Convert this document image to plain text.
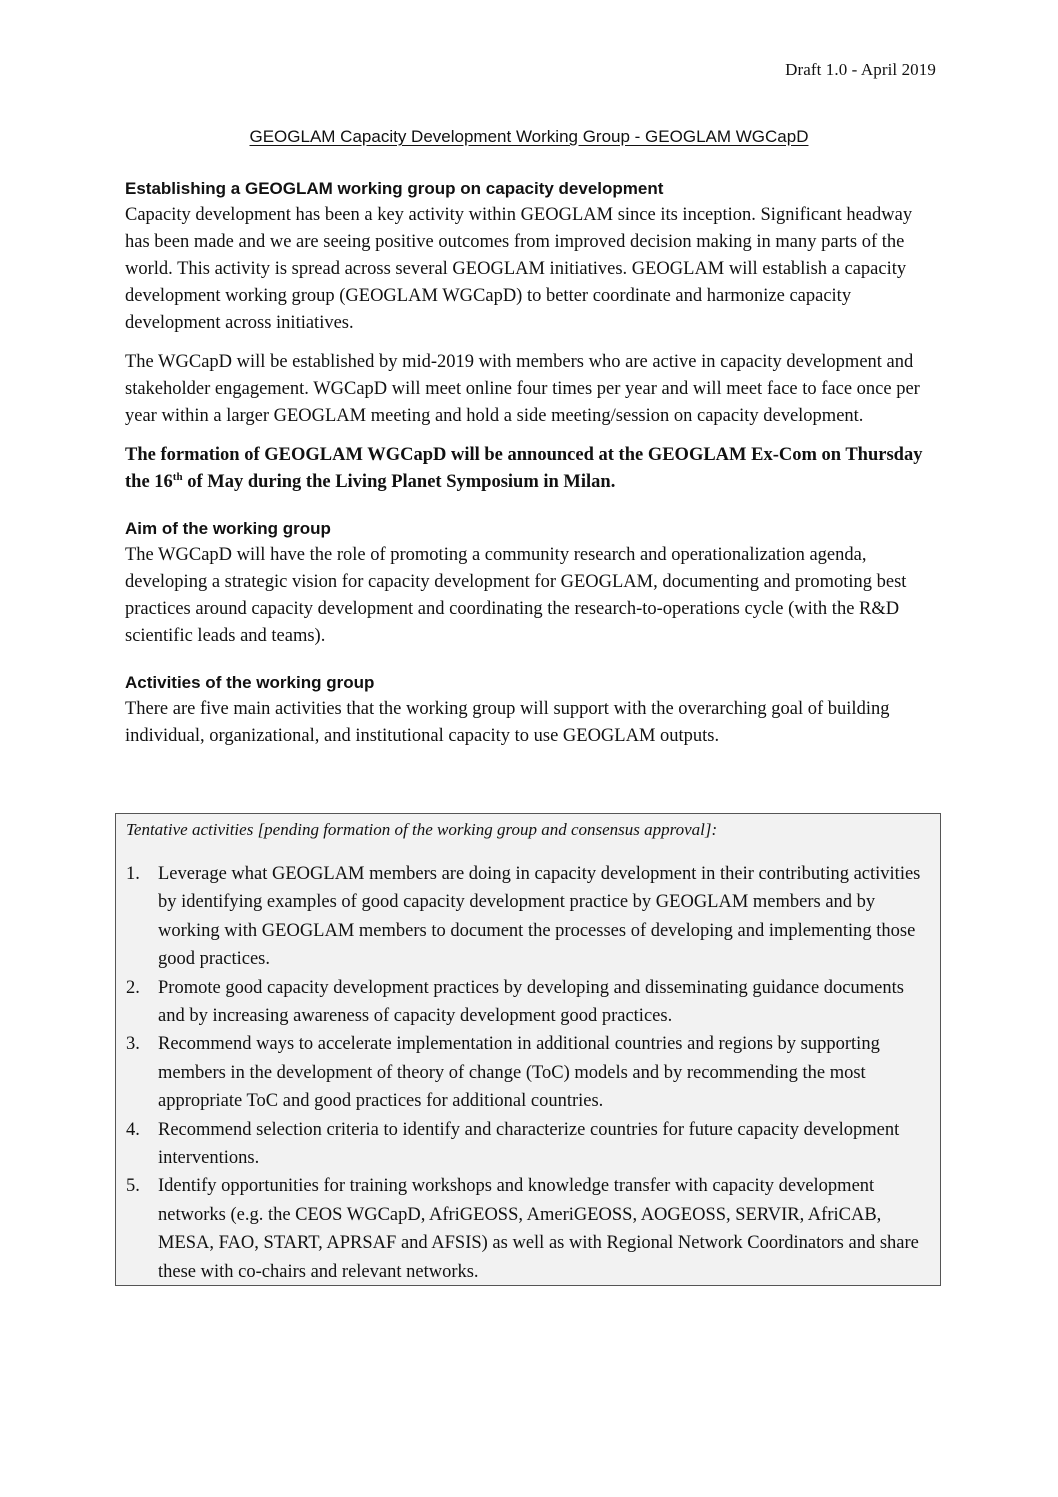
Draft 1.0 - April 2019
GEOGLAM Capacity Development Working Group - GEOGLAM WGCapD
Establishing a GEOGLAM working group on capacity development

Capacity development has been a key activity within GEOGLAM since its inception. Significant headway has been made and we are seeing positive outcomes from improved decision making in many parts of the world. This activity is spread across several GEOGLAM initiatives. GEOGLAM will establish a capacity development working group (GEOGLAM WGCapD) to better coordinate and harmonize capacity development across initiatives.

The WGCapD will be established by mid-2019 with members who are active in capacity development and stakeholder engagement. WGCapD will meet online four times per year and will meet face to face once per year within a larger GEOGLAM meeting and hold a side meeting/session on capacity development.

The formation of GEOGLAM WGCapD will be announced at the GEOGLAM Ex-Com on Thursday the 16th of May during the Living Planet Symposium in Milan.

Aim of the working group

The WGCapD will have the role of promoting a community research and operationalization agenda, developing a strategic vision for capacity development for GEOGLAM, documenting and promoting best practices around capacity development and coordinating the research-to-operations cycle (with the R&D scientific leads and teams).

Activities of the working group

There are five main activities that the working group will support with the overarching goal of building individual, organizational, and institutional capacity to use GEOGLAM outputs.

Tentative activities [pending formation of the working group and consensus approval]:

1. Leverage what GEOGLAM members are doing in capacity development in their contributing activities by identifying examples of good capacity development practice by GEOGLAM members and by working with GEOGLAM members to document the processes of developing and implementing those good practices.
2. Promote good capacity development practices by developing and disseminating guidance documents and by increasing awareness of capacity development good practices.
3. Recommend ways to accelerate implementation in additional countries and regions by supporting members in the development of theory of change (ToC) models and by recommending the most appropriate ToC and good practices for additional countries.
4. Recommend selection criteria to identify and characterize countries for future capacity development interventions.
5. Identify opportunities for training workshops and knowledge transfer with capacity development networks (e.g. the CEOS WGCapD, AfriGEOSS, AmeriGEOSS, AOGEOSS, SERVIR, AfriCAB, MESA, FAO, START, APRSAF and AFSIS) as well as with Regional Network Coordinators and share these with co-chairs and relevant networks.
